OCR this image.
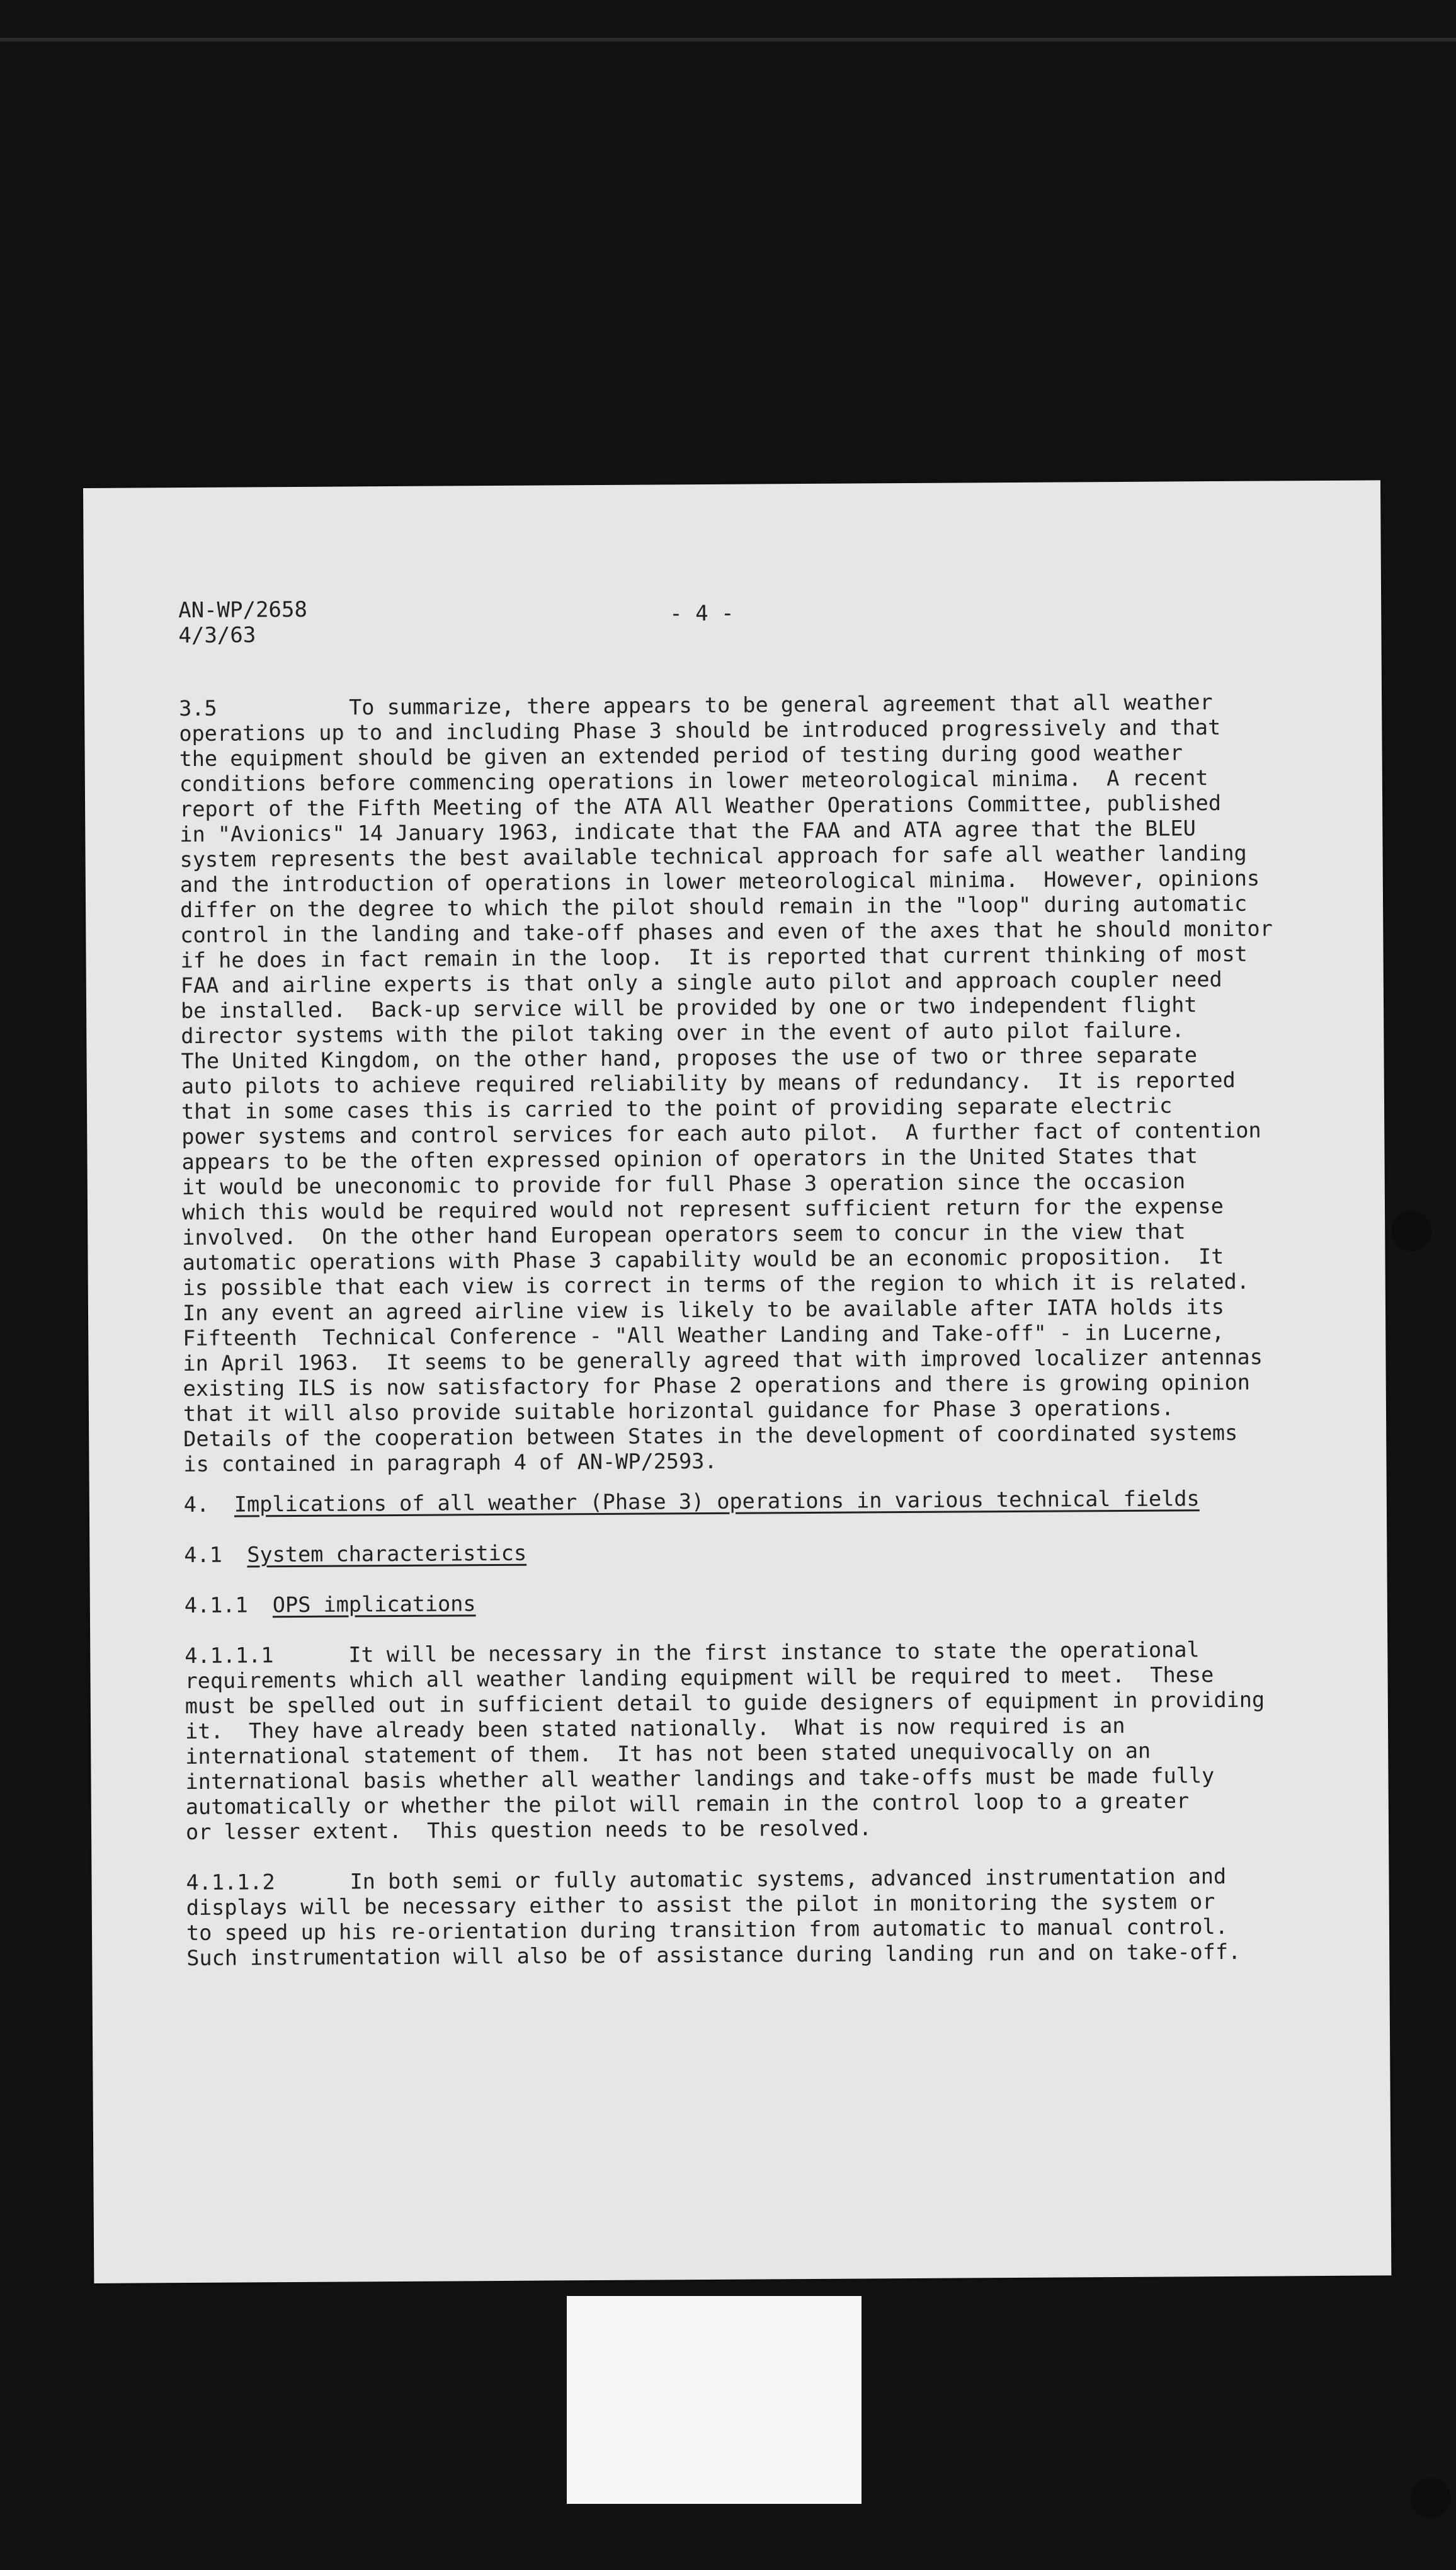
AN-WP/2658
4/3/63
- 4 -
3.5	To summarize, there appears to be general agreement that all weather
operations up to and including Phase 3 should be introduced progressively and that
the equipment should be given an extended period of testing during good weather
conditions before commencing operations in lower meteorological minima.  A recent
report of the Fifth Meeting of the ATA All Weather Operations Committee, published
in "Avionics" 14 January 1963, indicate that the FAA and ATA agree that the BLEU
system represents the best available technical approach for safe all weather landing
and the introduction of operations in lower meteorological minima.  However, opinions
differ on the degree to which the pilot should remain in the "loop" during automatic
control in the landing and take-off phases and even of the axes that he should monitor
if he does in fact remain in the loop.  It is reported that current thinking of most
FAA and airline experts is that only a single auto pilot and approach coupler need
be installed.  Back-up service will be provided by one or two independent flight
director systems with the pilot taking over in the event of auto pilot failure.
The United Kingdom, on the other hand, proposes the use of two or three separate
auto pilots to achieve required reliability by means of redundancy.  It is reported
that in some cases this is carried to the point of providing separate electric
power systems and control services for each auto pilot.  A further fact of contention
appears to be the often expressed opinion of operators in the United States that
it would be uneconomic to provide for full Phase 3 operation since the occasion
which this would be required would not represent sufficient return for the expense
involved.  On the other hand European operators seem to concur in the view that
automatic operations with Phase 3 capability would be an economic proposition.  It
is possible that each view is correct in terms of the region to which it is related.
In any event an agreed airline view is likely to be available after IATA holds its
Fifteenth  Technical Conference - "All Weather Landing and Take-off" - in Lucerne,
in April 1963.  It seems to be generally agreed that with improved localizer antennas
existing ILS is now satisfactory for Phase 2 operations and there is growing opinion
that it will also provide suitable horizontal guidance for Phase 3 operations.
Details of the cooperation between States in the development of coordinated systems
is contained in paragraph 4 of AN-WP/2593.
4. Implications of all weather (Phase 3) operations in various technical fields
4.1 System characteristics
4.1.1 OPS implications
4.1.1.1	It will be necessary in the first instance to state the operational
requirements which all weather landing equipment will be required to meet.  These
must be spelled out in sufficient detail to guide designers of equipment in providing
it.  They have already been stated nationally.  What is now required is an
international statement of them.  It has not been stated unequivocally on an
international basis whether all weather landings and take-offs must be made fully
automatically or whether the pilot will remain in the control loop to a greater
or lesser extent.  This question needs to be resolved.
4.1.1.2	In both semi or fully automatic systems, advanced instrumentation and
displays will be necessary either to assist the pilot in monitoring the system or
to speed up his re-orientation during transition from automatic to manual control.
Such instrumentation will also be of assistance during landing run and on take-off.
